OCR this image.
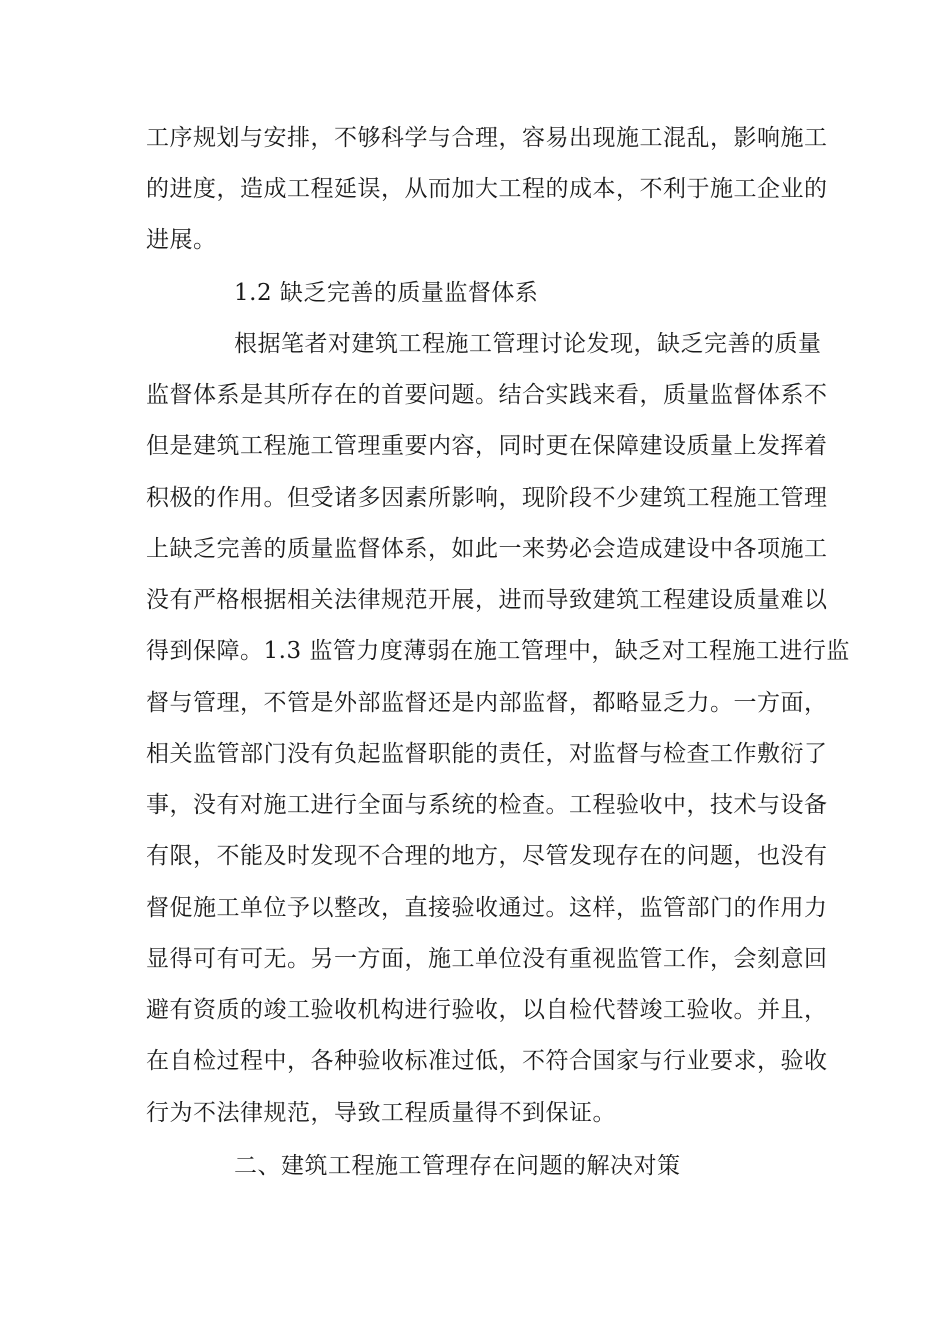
工序规划与安排，不够科学与合理，容易出现施工混乱，影响施工
的进度，造成工程延误，从而加大工程的成本，不利于施工企业的
进展。
1.2 缺乏完善的质量监督体系
根据笔者对建筑工程施工管理讨论发现，缺乏完善的质量
监督体系是其所存在的首要问题。结合实践来看，质量监督体系不
但是建筑工程施工管理重要内容，同时更在保障建设质量上发挥着
积极的作用。但受诸多因素所影响，现阶段不少建筑工程施工管理
上缺乏完善的质量监督体系，如此一来势必会造成建设中各项施工
没有严格根据相关法律规范开展，进而导致建筑工程建设质量难以
得到保障。1.3 监管力度薄弱在施工管理中，缺乏对工程施工进行监
督与管理，不管是外部监督还是内部监督，都略显乏力。一方面，
相关监管部门没有负起监督职能的责任，对监督与检查工作敷衍了
事，没有对施工进行全面与系统的检查。工程验收中，技术与设备
有限，不能及时发现不合理的地方，尽管发现存在的问题，也没有
督促施工单位予以整改，直接验收通过。这样，监管部门的作用力
显得可有可无。另一方面，施工单位没有重视监管工作，会刻意回
避有资质的竣工验收机构进行验收，以自检代替竣工验收。并且，
在自检过程中，各种验收标准过低，不符合国家与行业要求，验收
行为不法律规范，导致工程质量得不到保证。
二、建筑工程施工管理存在问题的解决对策
